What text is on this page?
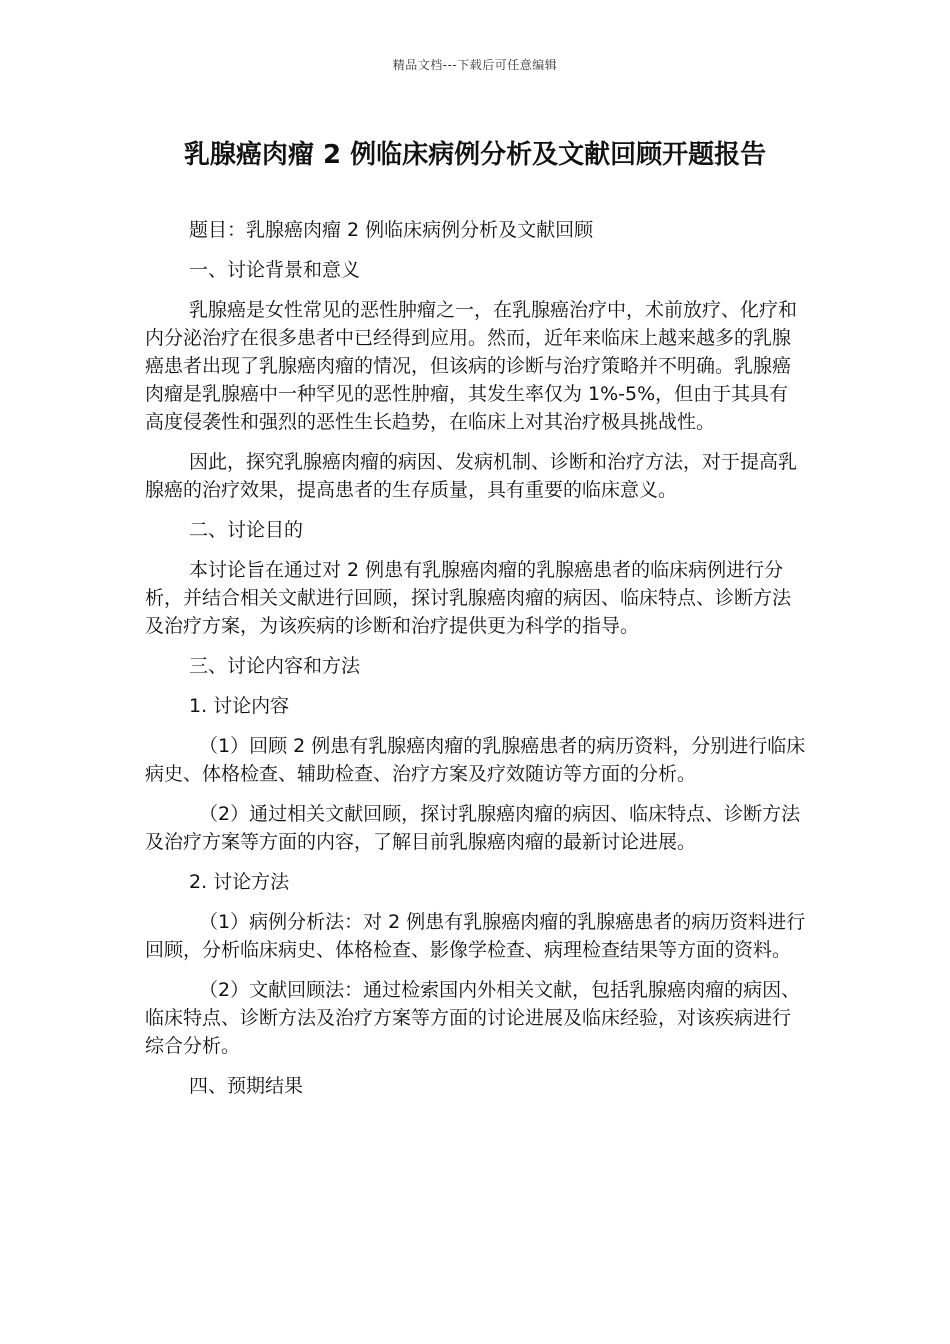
精品文档---下载后可任意编辑
乳腺癌肉瘤 2 例临床病例分析及文献回顾开题报告

题目：乳腺癌肉瘤 2 例临床病例分析及文献回顾

一、讨论背景和意义

乳腺癌是女性常见的恶性肿瘤之一，在乳腺癌治疗中，术前放疗、化疗和内分泌治疗在很多患者中已经得到应用。然而，近年来临床上越来越多的乳腺癌患者出现了乳腺癌肉瘤的情况，但该病的诊断与治疗策略并不明确。乳腺癌肉瘤是乳腺癌中一种罕见的恶性肿瘤，其发生率仅为 1%-5%，但由于其具有高度侵袭性和强烈的恶性生长趋势，在临床上对其治疗极具挑战性。

因此，探究乳腺癌肉瘤的病因、发病机制、诊断和治疗方法，对于提高乳腺癌的治疗效果，提高患者的生存质量，具有重要的临床意义。

二、讨论目的

本讨论旨在通过对 2 例患有乳腺癌肉瘤的乳腺癌患者的临床病例进行分析，并结合相关文献进行回顾，探讨乳腺癌肉瘤的病因、临床特点、诊断方法及治疗方案，为该疾病的诊断和治疗提供更为科学的指导。

三、讨论内容和方法

1. 讨论内容

（1）回顾 2 例患有乳腺癌肉瘤的乳腺癌患者的病历资料，分别进行临床病史、体格检查、辅助检查、治疗方案及疗效随访等方面的分析。

（2）通过相关文献回顾，探讨乳腺癌肉瘤的病因、临床特点、诊断方法及治疗方案等方面的内容，了解目前乳腺癌肉瘤的最新讨论进展。

2. 讨论方法

（1）病例分析法：对 2 例患有乳腺癌肉瘤的乳腺癌患者的病历资料进行回顾，分析临床病史、体格检查、影像学检查、病理检查结果等方面的资料。

（2）文献回顾法：通过检索国内外相关文献，包括乳腺癌肉瘤的病因、临床特点、诊断方法及治疗方案等方面的讨论进展及临床经验，对该疾病进行综合分析。

四、预期结果
